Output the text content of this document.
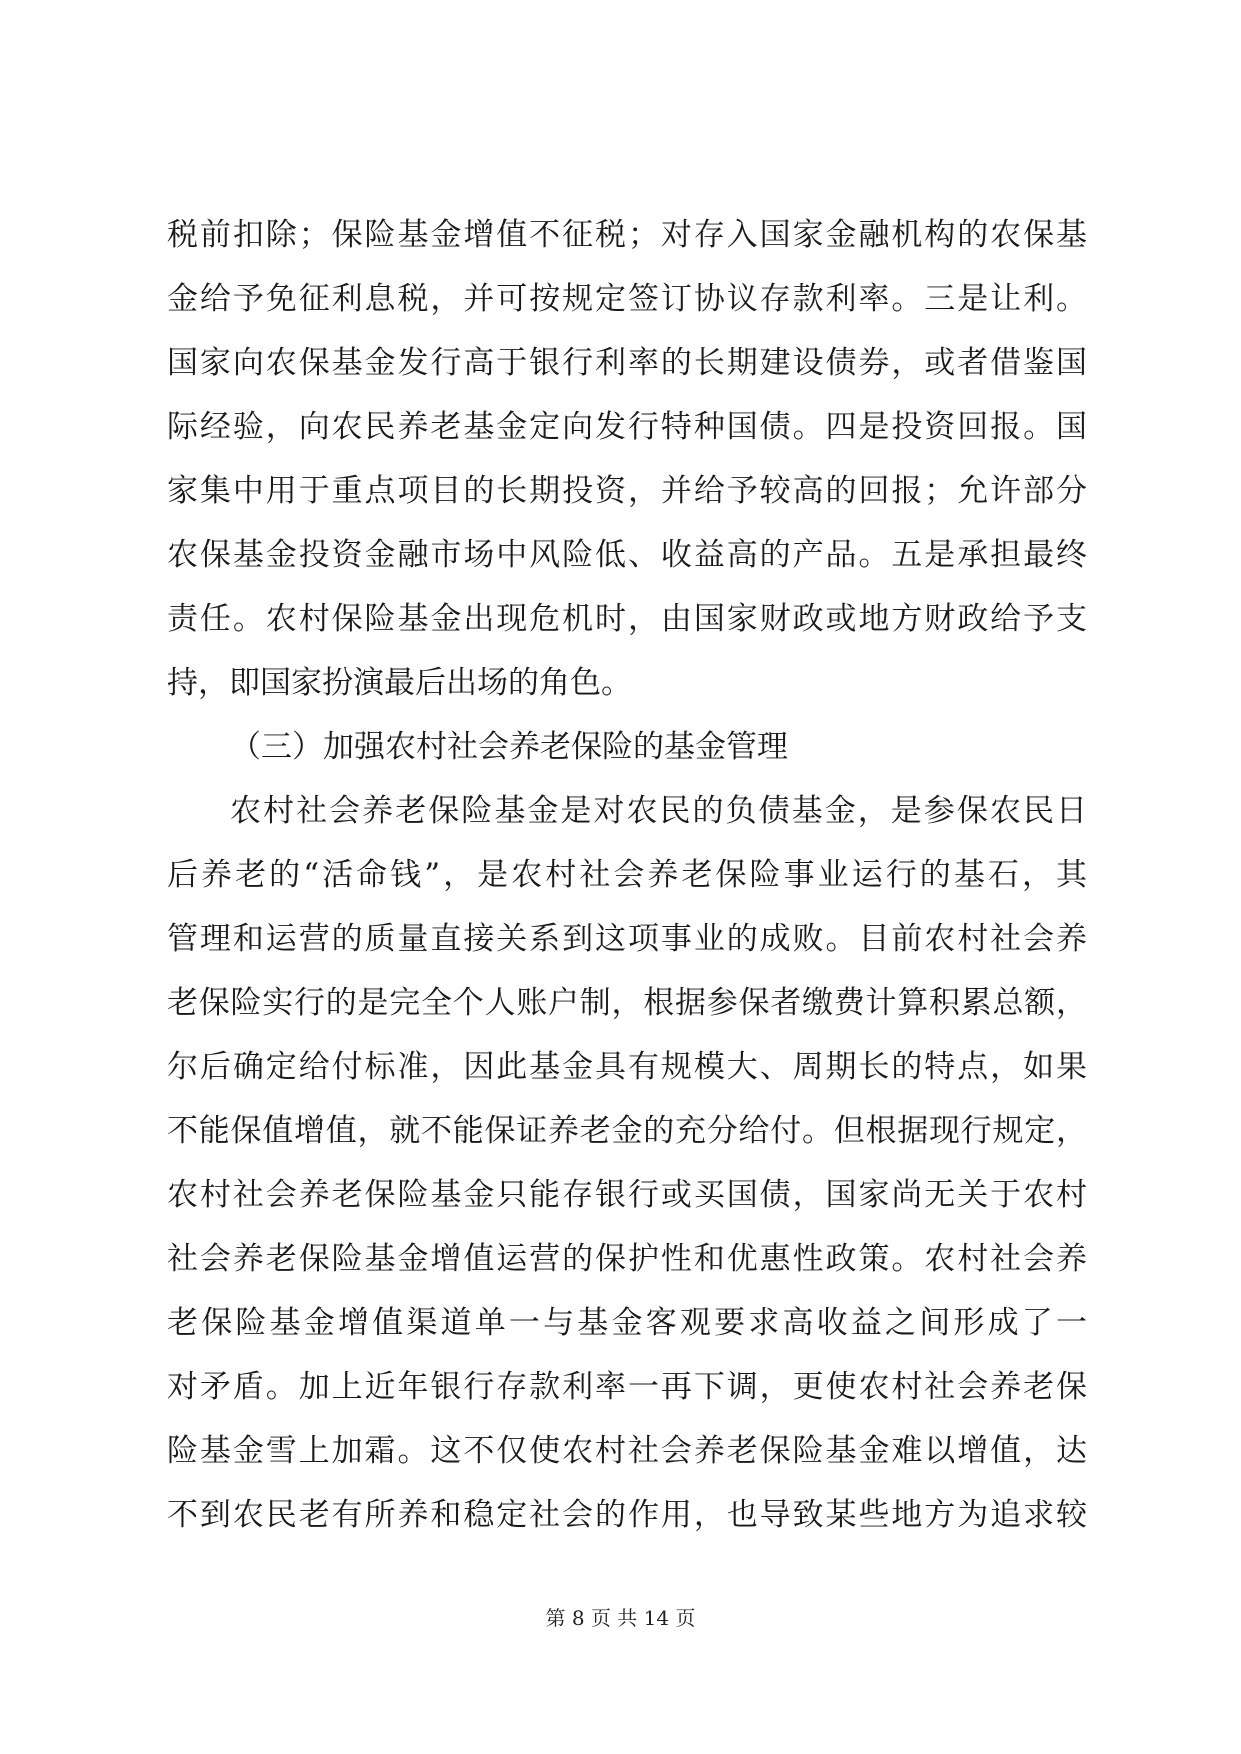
税前扣除；保险基金增值不征税；对存入国家金融机构的农保基
金给予免征利息税，并可按规定签订协议存款利率。三是让利。
国家向农保基金发行高于银行利率的长期建设债券，或者借鉴国
际经验，向农民养老基金定向发行特种国债。四是投资回报。国
家集中用于重点项目的长期投资，并给予较高的回报；允许部分
农保基金投资金融市场中风险低、收益高的产品。五是承担最终
责任。农村保险基金出现危机时，由国家财政或地方财政给予支
持，即国家扮演最后出场的角色。
（三）加强农村社会养老保险的基金管理
农村社会养老保险基金是对农民的负债基金，是参保农民日
后养老的“活命钱”，是农村社会养老保险事业运行的基石，其
管理和运营的质量直接关系到这项事业的成败。目前农村社会养
老保险实行的是完全个人账户制，根据参保者缴费计算积累总额，
尔后确定给付标准，因此基金具有规模大、周期长的特点，如果
不能保值增值，就不能保证养老金的充分给付。但根据现行规定，
农村社会养老保险基金只能存银行或买国债，国家尚无关于农村
社会养老保险基金增值运营的保护性和优惠性政策。农村社会养
老保险基金增值渠道单一与基金客观要求高收益之间形成了一
对矛盾。加上近年银行存款利率一再下调，更使农村社会养老保
险基金雪上加霜。这不仅使农村社会养老保险基金难以增值，达
不到农民老有所养和稳定社会的作用，也导致某些地方为追求较
第 8 页 共 14 页
